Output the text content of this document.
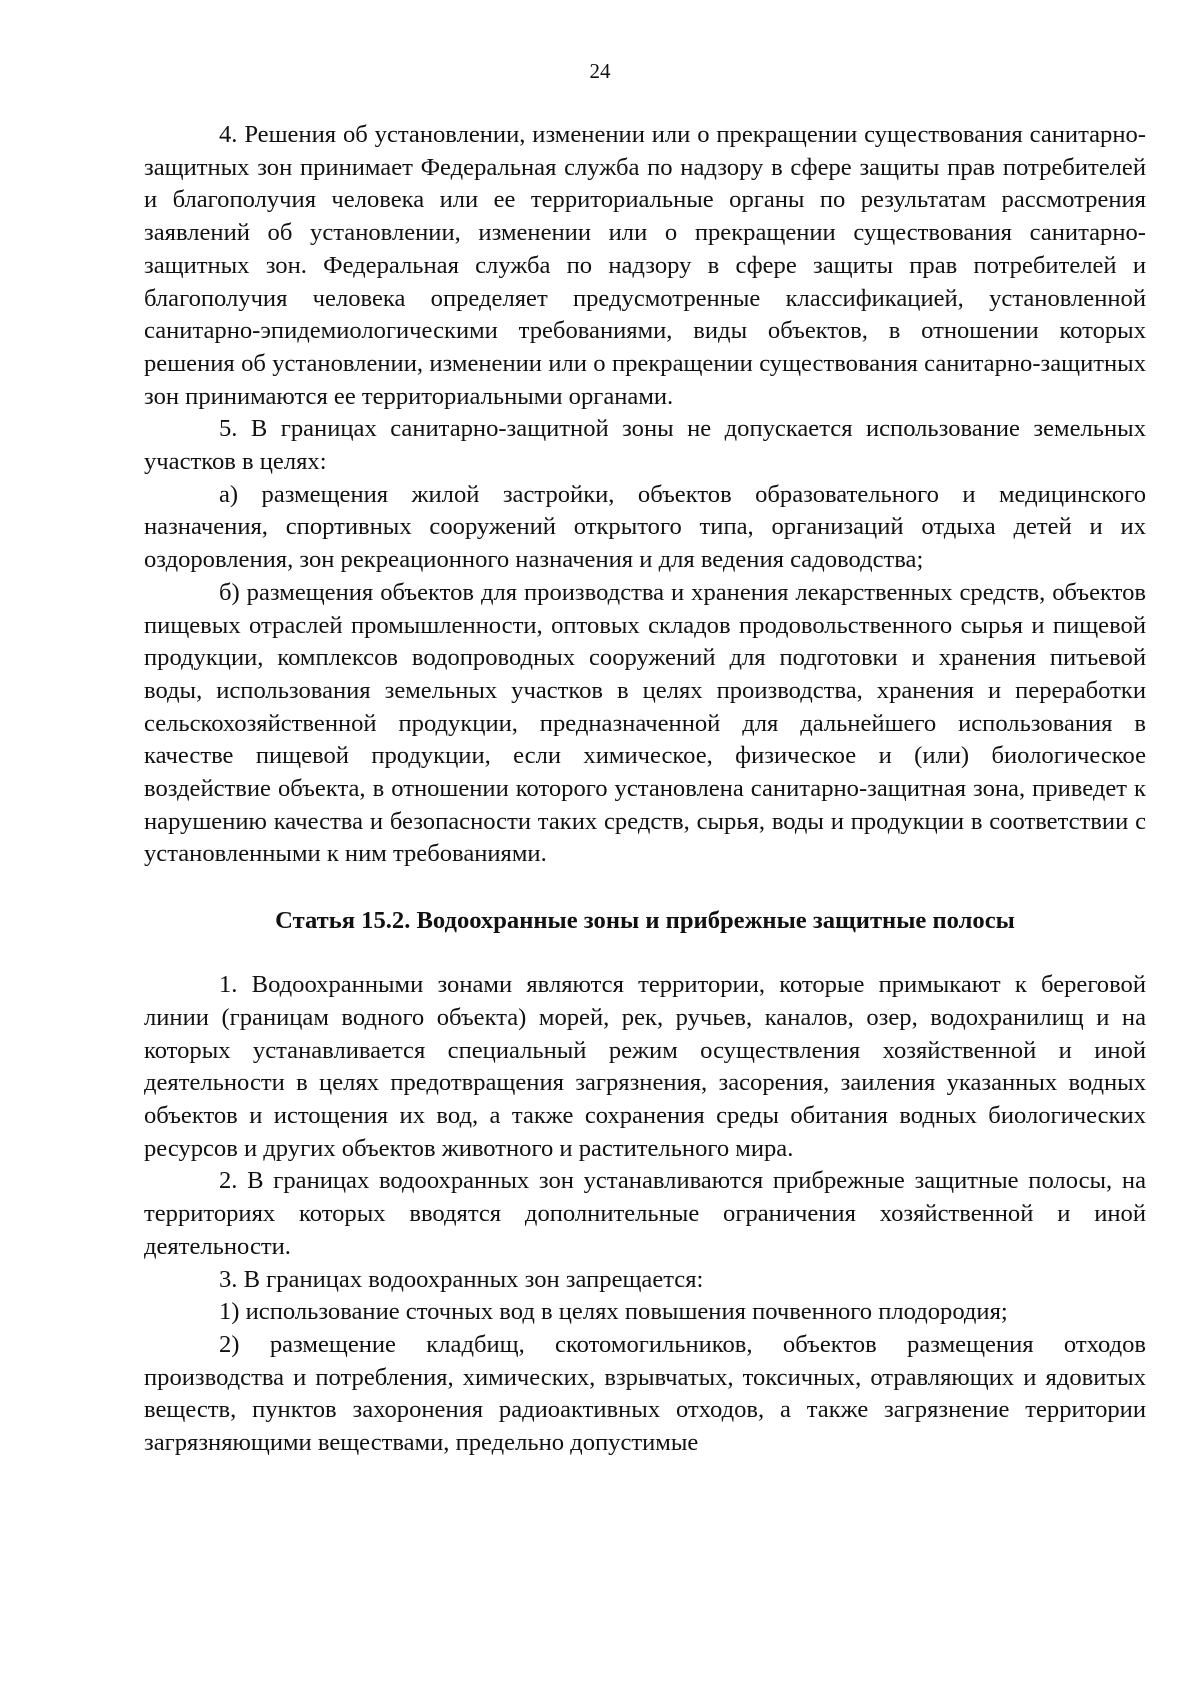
24

4. Решения об установлении, изменении или о прекращении существования санитарно-защитных зон принимает Федеральная служба по надзору в сфере защиты прав потребителей и благополучия человека или ее территориальные органы по результатам рассмотрения заявлений об установлении, изменении или о прекращении существования санитарно-защитных зон. Федеральная служба по надзору в сфере защиты прав потребителей и благополучия человека определяет предусмотренные классификацией, установленной санитарно-эпидемиологическими требованиями, виды объектов, в отношении которых решения об установлении, изменении или о прекращении существования санитарно-защитных зон принимаются ее территориальными органами.

5. В границах санитарно-защитной зоны не допускается использование земельных участков в целях:

а) размещения жилой застройки, объектов образовательного и медицинского назначения, спортивных сооружений открытого типа, организаций отдыха детей и их оздоровления, зон рекреационного назначения и для ведения садоводства;

б) размещения объектов для производства и хранения лекарственных средств, объектов пищевых отраслей промышленности, оптовых складов продовольственного сырья и пищевой продукции, комплексов водопроводных сооружений для подготовки и хранения питьевой воды, использования земельных участков в целях производства, хранения и переработки сельскохозяйственной продукции, предназначенной для дальнейшего использования в качестве пищевой продукции, если химическое, физическое и (или) биологическое воздействие объекта, в отношении которого установлена санитарно-защитная зона, приведет к нарушению качества и безопасности таких средств, сырья, воды и продукции в соответствии с установленными к ним требованиями.

Статья 15.2. Водоохранные зоны и прибрежные защитные полосы

1. Водоохранными зонами являются территории, которые примыкают к береговой линии (границам водного объекта) морей, рек, ручьев, каналов, озер, водохранилищ и на которых устанавливается специальный режим осуществления хозяйственной и иной деятельности в целях предотвращения загрязнения, засорения, заиления указанных водных объектов и истощения их вод, а также сохранения среды обитания водных биологических ресурсов и других объектов животного и растительного мира.

2. В границах водоохранных зон устанавливаются прибрежные защитные полосы, на территориях которых вводятся дополнительные ограничения хозяйственной и иной деятельности.

3. В границах водоохранных зон запрещается:

1) использование сточных вод в целях повышения почвенного плодородия;

2) размещение кладбищ, скотомогильников, объектов размещения отходов производства и потребления, химических, взрывчатых, токсичных, отравляющих и ядовитых веществ, пунктов захоронения радиоактивных отходов, а также загрязнение территории загрязняющими веществами, предельно допустимые
